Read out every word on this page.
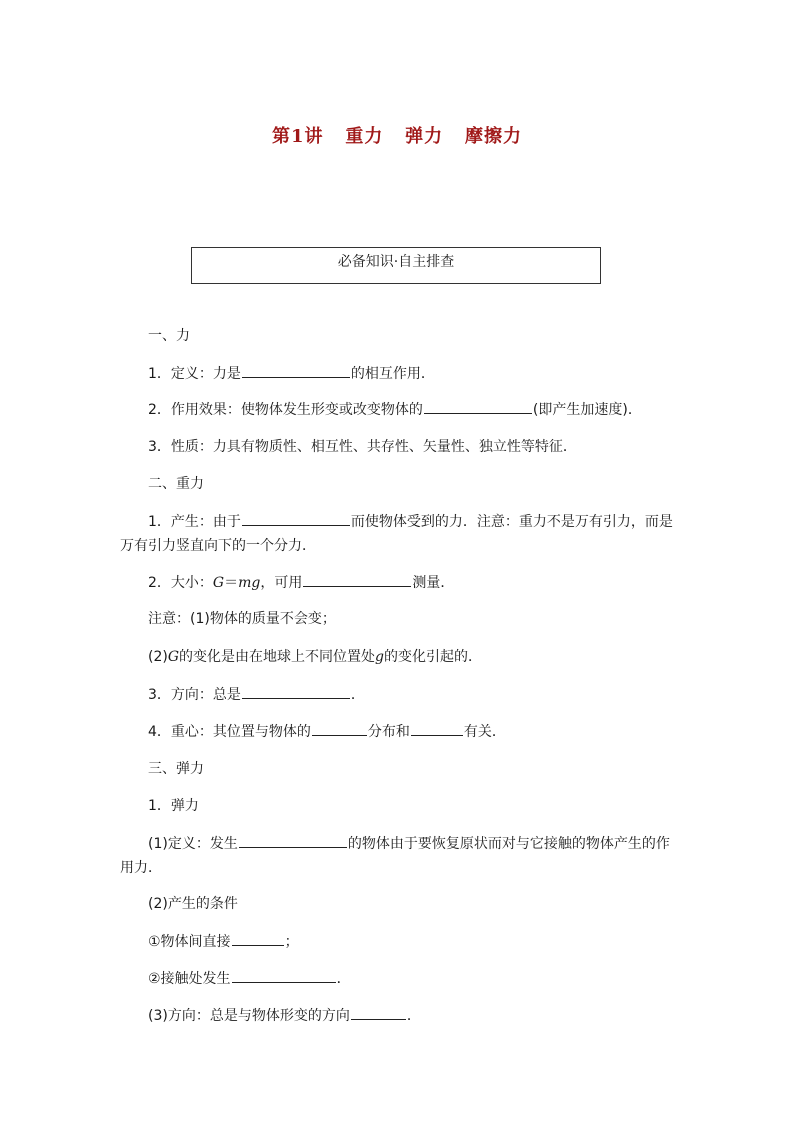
第1讲   重力   弹力   摩擦力
必备知识·自主排查
一、力
1．定义：力是	的相互作用．
2．作用效果：使物体发生形变或改变物体的	(即产生加速度)．
3．性质：力具有物质性、相互性、共存性、矢量性、独立性等特征．
二、重力
1．产生：由于	而使物体受到的力．注意：重力不是万有引力，而是
万有引力竖直向下的一个分力．
2．大小：G＝mg，可用	测量．
注意：(1)物体的质量不会变；
(2)G的变化是由在地球上不同位置处g的变化引起的．
3．方向：总是	．
4．重心：其位置与物体的	分布和	有关．
三、弹力
1．弹力
(1)定义：发生	的物体由于要恢复原状而对与它接触的物体产生的作
用力．
(2)产生的条件
①物体间直接	；
②接触处发生	．
(3)方向：总是与物体形变的方向	．
